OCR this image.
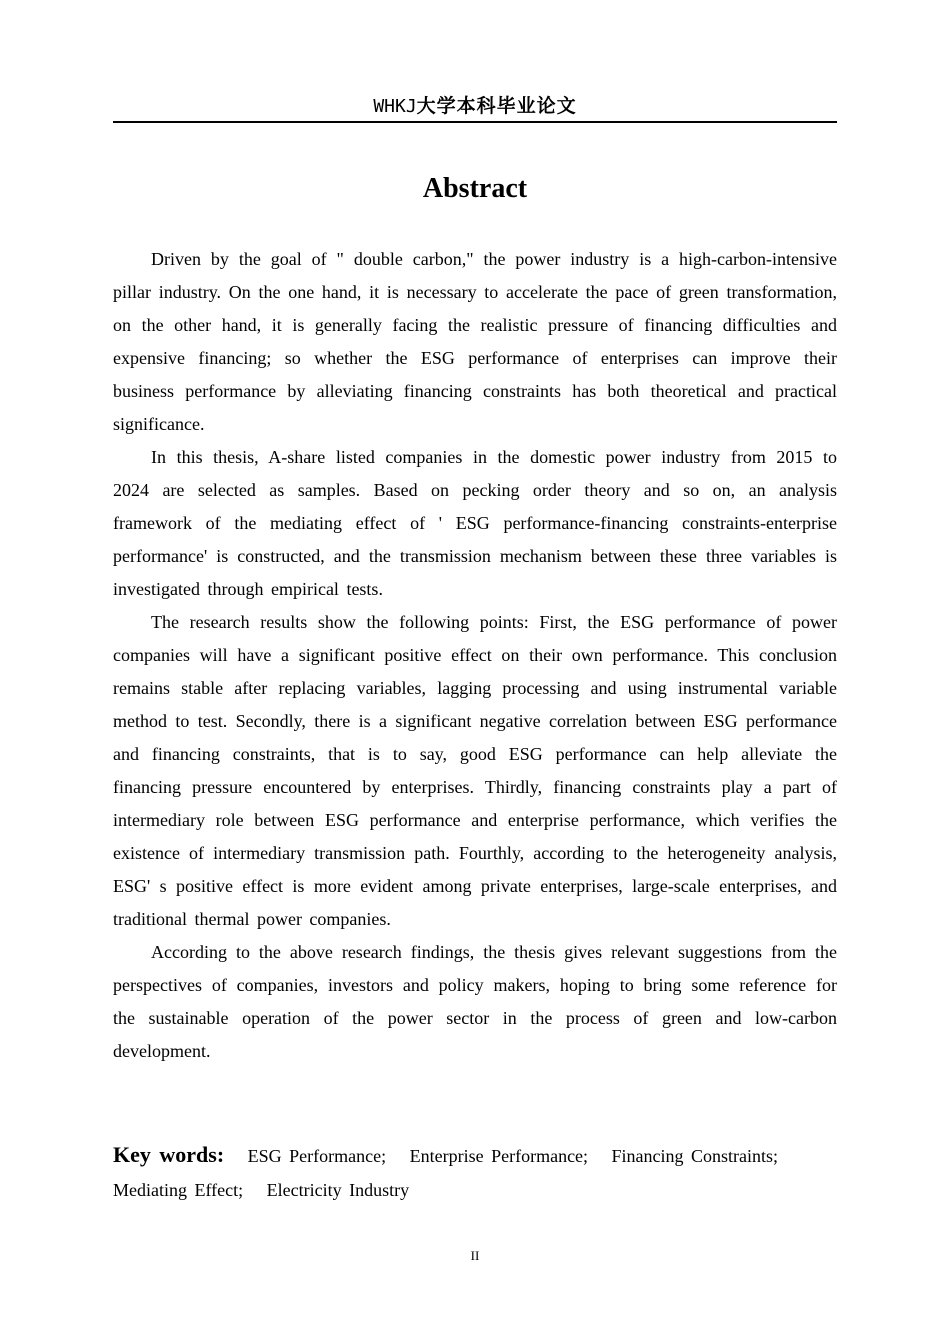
WHKJ大学本科毕业论文
Abstract

Driven by the goal of " double carbon," the power industry is a high-carbon-intensive pillar industry. On the one hand, it is necessary to accelerate the pace of green transformation, on the other hand, it is generally facing the realistic pressure of financing difficulties and expensive financing; so whether the ESG performance of enterprises can improve their business performance by alleviating financing constraints has both theoretical and practical significance.

In this thesis, A-share listed companies in the domestic power industry from 2015 to 2024 are selected as samples. Based on pecking order theory and so on, an analysis framework of the mediating effect of ' ESG performance-financing constraints-enterprise performance' is constructed, and the transmission mechanism between these three variables is investigated through empirical tests.

The research results show the following points: First, the ESG performance of power companies will have a significant positive effect on their own performance. This conclusion remains stable after replacing variables, lagging processing and using instrumental variable method to test. Secondly, there is a significant negative correlation between ESG performance and financing constraints, that is to say, good ESG performance can help alleviate the financing pressure encountered by enterprises. Thirdly, financing constraints play a part of intermediary role between ESG performance and enterprise performance, which verifies the existence of intermediary transmission path. Fourthly, according to the heterogeneity analysis, ESG' s positive effect is more evident among private enterprises, large-scale enterprises, and traditional thermal power companies.

According to the above research findings, the thesis gives relevant suggestions from the perspectives of companies, investors and policy makers, hoping to bring some reference for the sustainable operation of the power sector in the process of green and low-carbon development.

Key words: ESG Performance; Enterprise Performance; Financing Constraints;
Mediating Effect; Electricity Industry
II
